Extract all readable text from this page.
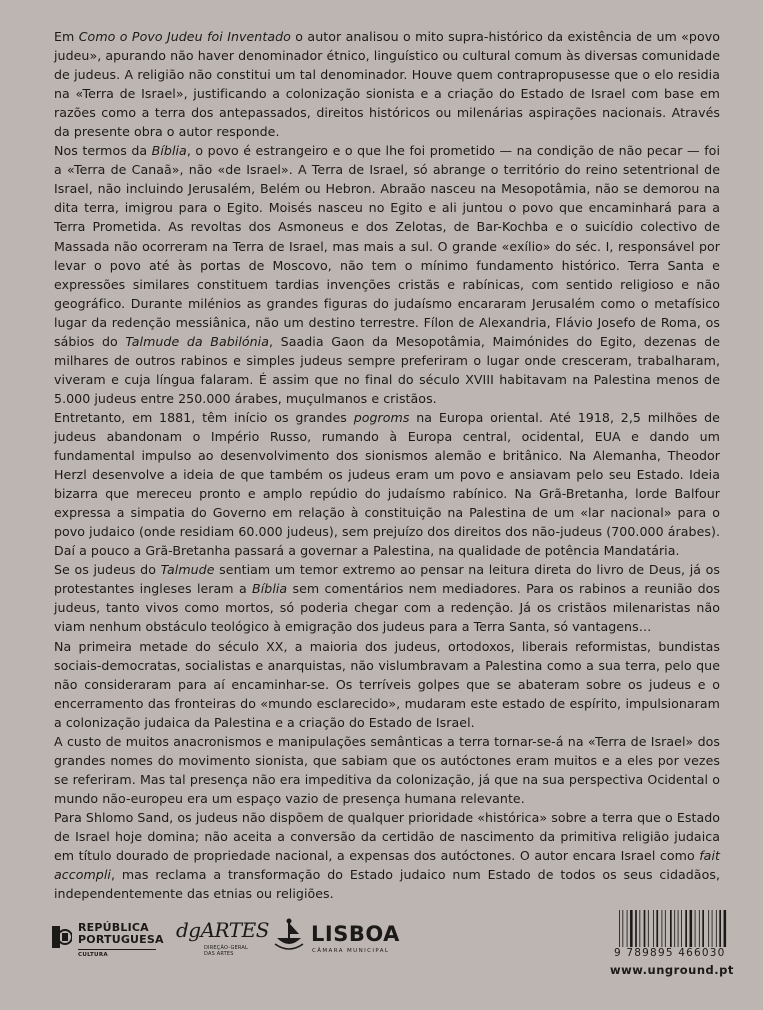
Em Como o Povo Judeu foi Inventado o autor analisou o mito supra-histórico da existência de um «povo judeu», apurando não haver denominador étnico, linguístico ou cultural comum às diversas comunidade de judeus. A religião não constitui um tal denominador. Houve quem contrapropusesse que o elo residia na «Terra de Israel», justificando a colonização sionista e a criação do Estado de Israel com base em razões como a terra dos antepassados, direitos históricos ou milenárias aspirações nacionais. Através da presente obra o autor responde.

Nos termos da Bíblia, o povo é estrangeiro e o que lhe foi prometido — na condição de não pecar — foi a «Terra de Canaã», não «de Israel». A Terra de Israel, só abrange o território do reino setentrional de Israel, não incluindo Jerusalém, Belém ou Hebron. Abraão nasceu na Mesopotâmia, não se demorou na dita terra, imigrou para o Egito. Moisés nasceu no Egito e ali juntou o povo que encaminhará para a Terra Prometida. As revoltas dos Asmoneus e dos Zelotas, de Bar-Kochba e o suicídio colectivo de Massada não ocorreram na Terra de Israel, mas mais a sul. O grande «exílio» do séc. I, responsável por levar o povo até às portas de Moscovo, não tem o mínimo fundamento histórico. Terra Santa e expressões similares constituem tardias invenções cristãs e rabínicas, com sentido religioso e não geográfico. Durante milénios as grandes figuras do judaísmo encararam Jerusalém como o metafísico lugar da redenção messiânica, não um destino terrestre. Fílon de Alexandria, Flávio Josefo de Roma, os sábios do Talmude da Babilónia, Saadia Gaon da Mesopotâmia, Maimónides do Egito, dezenas de milhares de outros rabinos e simples judeus sempre preferiram o lugar onde cresceram, trabalharam, viveram e cuja língua falaram. É assim que no final do século XVIII habitavam na Palestina menos de 5.000 judeus entre 250.000 árabes, muçulmanos e cristãos.

Entretanto, em 1881, têm início os grandes pogroms na Europa oriental. Até 1918, 2,5 milhões de judeus abandonam o Império Russo, rumando à Europa central, ocidental, EUA e dando um fundamental impulso ao desenvolvimento dos sionismos alemão e britânico. Na Alemanha, Theodor Herzl desenvolve a ideia de que também os judeus eram um povo e ansiavam pelo seu Estado. Ideia bizarra que mereceu pronto e amplo repúdio do judaísmo rabínico. Na Grã-Bretanha, lorde Balfour expressa a simpatia do Governo em relação à constituição na Palestina de um «lar nacional» para o povo judaico (onde residiam 60.000 judeus), sem prejuízo dos direitos dos não-judeus (700.000 árabes). Daí a pouco a Grã-Bretanha passará a governar a Palestina, na qualidade de potência Mandatária.

Se os judeus do Talmude sentiam um temor extremo ao pensar na leitura direta do livro de Deus, já os protestantes ingleses leram a Bíblia sem comentários nem mediadores. Para os rabinos a reunião dos judeus, tanto vivos como mortos, só poderia chegar com a redenção. Já os cristãos milenaristas não viam nenhum obstáculo teológico à emigração dos judeus para a Terra Santa, só vantagens…

Na primeira metade do século XX, a maioria dos judeus, ortodoxos, liberais reformistas, bundistas sociais-democratas, socialistas e anarquistas, não vislumbravam a Palestina como a sua terra, pelo que não consideraram para aí encaminhar-se. Os terríveis golpes que se abateram sobre os judeus e o encerramento das fronteiras do «mundo esclarecido», mudaram este estado de espírito, impulsionaram a colonização judaica da Palestina e a criação do Estado de Israel.

A custo de muitos anacronismos e manipulações semânticas a terra tornar-se-á na «Terra de Israel» dos grandes nomes do movimento sionista, que sabiam que os autóctones eram muitos e a eles por vezes se referiram. Mas tal presença não era impeditiva da colonização, já que na sua perspectiva Ocidental o mundo não-europeu era um espaço vazio de presença humana relevante.

Para Shlomo Sand, os judeus não dispõem de qualquer prioridade «histórica» sobre a terra que o Estado de Israel hoje domina; não aceita a conversão da certidão de nascimento da primitiva religião judaica em título dourado de propriedade nacional, a expensas dos autóctones. O autor encara Israel como fait accompli, mas reclama a transformação do Estado judaico num Estado de todos os seus cidadãos, independentemente das etnias ou religiões.

REPÚBLICA
PORTUGUESA
CULTURA
dgARTES
DIREÇÃO-GERAL
DAS ARTES
LISBOA
CÂMARA MUNICIPAL	9 789895 466030
www.unground.pt
